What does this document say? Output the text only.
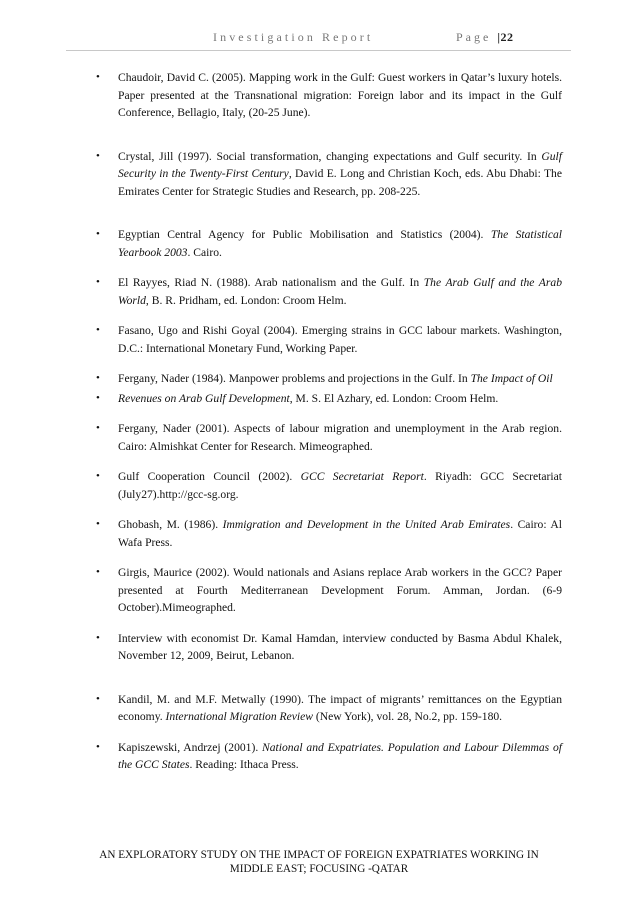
Investigation Report	Page |22
• Chaudoir, David C. (2005). Mapping work in the Gulf: Guest workers in Qatar’s luxury hotels. Paper presented at the Transnational migration: Foreign labor and its impact in the Gulf Conference, Bellagio, Italy, (20-25 June).
• Crystal, Jill (1997). Social transformation, changing expectations and Gulf security. In Gulf Security in the Twenty-First Century, David E. Long and Christian Koch, eds. Abu Dhabi: The Emirates Center for Strategic Studies and Research, pp. 208-225.
• Egyptian Central Agency for Public Mobilisation and Statistics (2004). The Statistical Yearbook 2003. Cairo.
• El Rayyes, Riad N. (1988). Arab nationalism and the Gulf. In The Arab Gulf and the Arab World, B. R. Pridham, ed. London: Croom Helm.
• Fasano, Ugo and Rishi Goyal (2004). Emerging strains in GCC labour markets. Washington, D.C.: International Monetary Fund, Working Paper.
• Fergany, Nader (1984). Manpower problems and projections in the Gulf. In The Impact of Oil
• Revenues on Arab Gulf Development, M. S. El Azhary, ed. London: Croom Helm.
• Fergany, Nader (2001). Aspects of labour migration and unemployment in the Arab region. Cairo: Almishkat Center for Research. Mimeographed.
• Gulf Cooperation Council (2002). GCC Secretariat Report. Riyadh: GCC Secretariat (July27).http://gcc-sg.org.
• Ghobash, M. (1986). Immigration and Development in the United Arab Emirates. Cairo: Al Wafa Press.
• Girgis, Maurice (2002). Would nationals and Asians replace Arab workers in the GCC? Paper presented at Fourth Mediterranean Development Forum. Amman, Jordan. (6-9 October).Mimeographed.
• Interview with economist Dr. Kamal Hamdan, interview conducted by Basma Abdul Khalek, November 12, 2009, Beirut, Lebanon.
• Kandil, M. and M.F. Metwally (1990). The impact of migrants’ remittances on the Egyptian economy. International Migration Review (New York), vol. 28, No.2, pp. 159-180.
• Kapiszewski, Andrzej (2001). National and Expatriates. Population and Labour Dilemmas of the GCC States. Reading: Ithaca Press.
AN EXPLORATORY STUDY ON THE IMPACT OF FOREIGN EXPATRIATES WORKING IN
MIDDLE EAST; FOCUSING -QATAR
